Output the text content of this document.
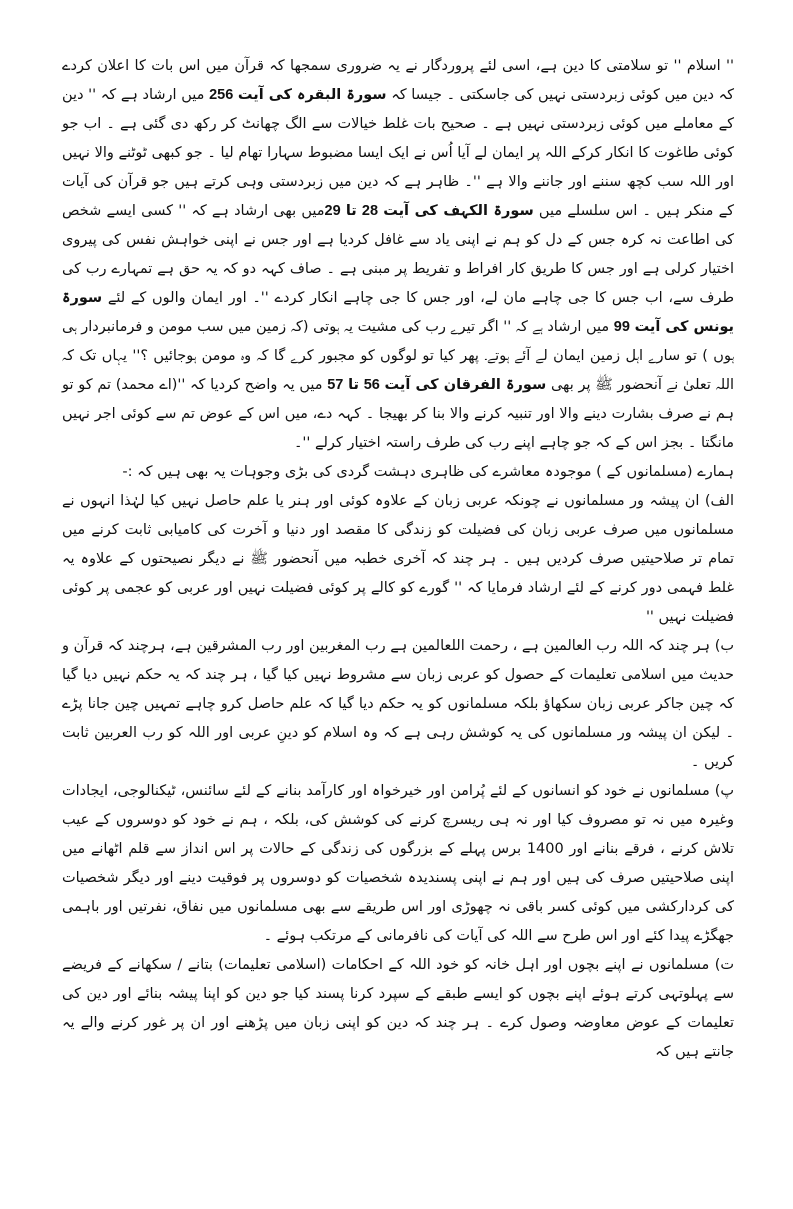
'' اسلام '' تو سلامتی کا دین ہے، اسی لئے پروردگار نے یہ ضروری سمجھا کہ قرآن میں اس بات کا اعلان کردے کہ دین میں کوئی زبردستی نہیں کی جاسکتی ۔ جیسا کہ سورۃ البقرہ کی آیت 256 میں ارشاد ہے کہ '' دین کے معاملے میں کوئی زبردستی نہیں ہے ۔ صحیح بات غلط خیالات سے الگ چھانٹ کر رکھ دی گئی ہے ۔ اب جو کوئی طاغوت کا انکار کرکے اللہ پر ایمان لے آیا اُس نے ایک ایسا مضبوط سہارا تھام لیا ۔ جو کبھی ٹوٹنے والا نہیں اور اللہ سب کچھ سننے اور جاننے والا ہے ''۔ ظاہر ہے کہ دین میں زبردستی وہی کرتے ہیں جو قرآن کی آیات کے منکر ہیں ۔ اس سلسلے میں سورۃ الکہف کی آیت 28 تا 29میں بھی ارشاد ہے کہ '' کسی ایسے شخص کی اطاعت نہ کرہ جس کے دل کو ہم نے اپنی یاد سے غافل کردیا ہے اور جس نے اپنی خواہش نفس کی پیروی اختیار کرلی ہے اور جس کا طریق کار افراط و تفریط پر مبنی ہے ۔ صاف کہہ دو کہ یہ حق ہے تمہارے رب کی طرف سے، اب جس کا جی چاہے مان لے، اور جس کا جی چاہے انکار کردے ''۔ اور ایمان والوں کے لئے سورۃ یونس کی آیت 99 میں ارشاد ہے کہ '' اگر تیرے رب کی مشیت یہ ہوتی (کہ زمین میں سب مومن و فرمانبردار ہی ہوں ) تو سارے اہل زمین ایمان لے آئے ہوتے۔ پھر کیا تو لوگوں کو مجبور کرے گا کہ وہ مومن ہوجائیں ؟'' یہاں تک کہ اللہ تعلیٰ نے آنحضور ﷺ پر بھی سورۃ الفرقان کی آیت 56 تا 57 میں یہ واضح کردیا کہ ''(اے محمد) تم کو تو ہم نے صرف بشارت دینے والا اور تنبیہ کرنے والا بنا کر بھیجا ۔ کہہ دے، میں اس کے عوض تم سے کوئی اجر نہیں مانگتا ۔ بجز اس کے کہ جو چاہے اپنے رب کی طرف راستہ اختیار کرلے ''۔

ہمارے (مسلمانوں کے ) موجودہ معاشرے کی ظاہری دہشت گردی کی بڑی وجوہات یہ بھی ہیں کہ :-

الف) ان پیشہ ور مسلمانوں نے چونکہ عربی زبان کے علاوہ کوئی اور ہنر یا علم حاصل نہیں کیا لہٰذا انہوں نے مسلمانوں میں صرف عربی زبان کی فضیلت کو زندگی کا مقصد اور دنیا و آخرت کی کامیابی ثابت کرنے میں تمام تر صلاحیتیں صرف کردیں ہیں ۔ ہر چند کہ آخری خطبہ میں آنحضور ﷺ نے دیگر نصیحتوں کے علاوہ یہ غلط فہمی دور کرنے کے لئے ارشاد فرمایا کہ '' گورے کو کالے پر کوئی فضیلت نہیں اور عربی کو عجمی پر کوئی فضیلت نہیں ''

ب) ہر چند کہ اللہ رب العالمین ہے ، رحمت اللعالمین ہے رب المغربین اور رب المشرقین ہے، ہرچند کہ قرآن و حدیث میں اسلامی تعلیمات کے حصول کو عربی زبان سے مشروط نہیں کیا گیا ، ہر چند کہ یہ حکم نہیں دیا گیا کہ چین جاکر عربی زبان سکھاؤ بلکہ مسلمانوں کو یہ حکم دیا گیا کہ علم حاصل کرو چاہے تمہیں چین جانا پڑے ۔ لیکن ان پیشہ ور مسلمانوں کی یہ کوشش رہی ہے کہ وہ اسلام کو دینِ عربی اور اللہ کو رب العربین ثابت کریں ۔

پ) مسلمانوں نے خود کو انسانوں کے لئے پُرامن اور خیرخواہ اور کارآمد بنانے کے لئے سائنس، ٹیکنالوجی، ایجادات وغیرہ میں نہ تو مصروف کیا اور نہ ہی ریسرچ کرنے کی کوشش کی، بلکہ ، ہم نے خود کو دوسروں کے عیب تلاش کرنے ، فرقے بنانے اور 1400 برس پہلے کے بزرگوں کی زندگی کے حالات پر اس انداز سے قلم اٹھانے میں اپنی صلاحیتیں صرف کی ہیں اور ہم نے اپنی پسندیدہ شخصیات کو دوسروں پر فوقیت دینے اور دیگر شخصیات کی کردارکشی میں کوئی کسر باقی نہ چھوڑی اور اس طریقے سے بھی مسلمانوں میں نفاق، نفرتیں اور باہمی جھگڑے پیدا کئے اور اس طرح سے اللہ کی آیات کی نافرمانی کے مرتکب ہوئے ۔

ت) مسلمانوں نے اپنے بچوں اور اہل خانہ کو خود اللہ کے احکامات (اسلامی تعلیمات) بتانے / سکھانے کے فریضے سے پہلوتہی کرتے ہوئے اپنے بچوں کو ایسے طبقے کے سپرد کرنا پسند کیا جو دین کو اپنا پیشہ بنائے اور دین کی تعلیمات کے عوض معاوضہ وصول کرے ۔ ہر چند کہ دین کو اپنی زبان میں پڑھنے اور ان پر غور کرنے والے یہ جانتے ہیں کہ
